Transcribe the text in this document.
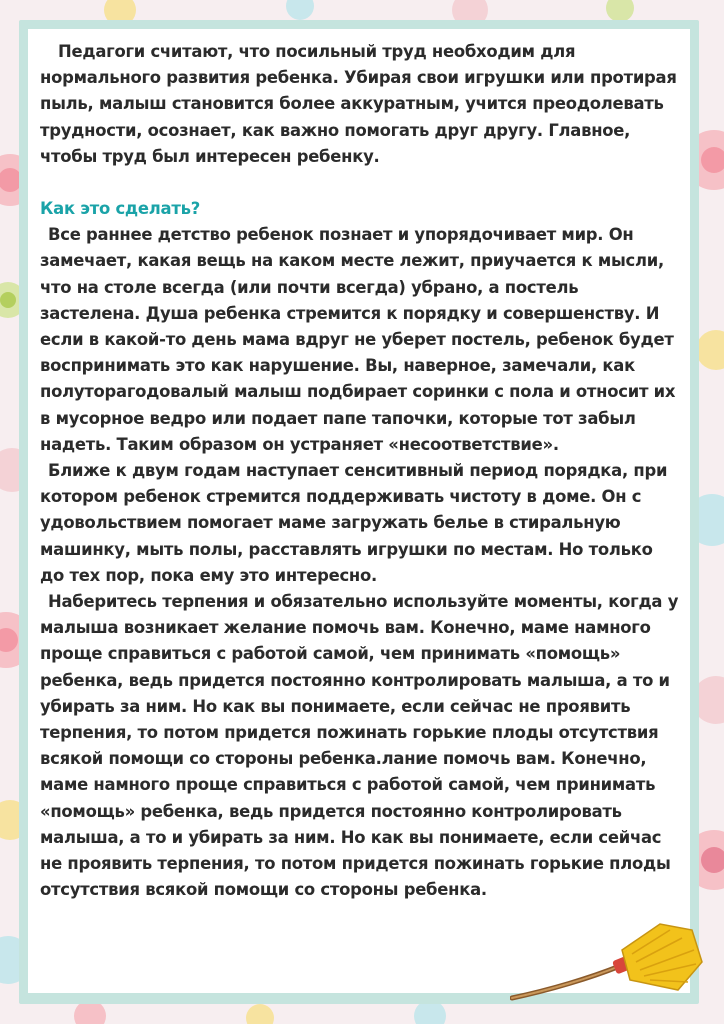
Педагоги считают, что посильный труд необходим для нормального развития ребенка. Убирая свои игрушки или протирая пыль, малыш становится более аккуратным, учится преодолевать трудности, осознает, как важно помогать друг другу. Главное, чтобы труд был интересен ребенку.

Как это сделать?

Все раннее детство ребенок познает и упорядочивает мир. Он замечает, какая вещь на каком месте лежит, приучается к мысли, что на столе всегда (или почти всегда) убрано, а постель застелена. Душа ребенка стремится к порядку и совершенству. И если в какой-то день мама вдруг не уберет постель, ребенок будет воспринимать это как нарушение. Вы, наверное, замечали, как полуторагодовалый малыш подбирает соринки с пола и относит их в мусорное ведро или подает папе тапочки, которые тот забыл надеть. Таким образом он устраняет «несоответствие».

Ближе к двум годам наступает сенситивный период порядка, при котором ребенок стремится поддерживать чистоту в доме. Он с удовольствием помогает маме загружать белье в стиральную машинку, мыть полы, расставлять игрушки по местам. Но только до тех пор, пока ему это интересно.

Наберитесь терпения и обязательно используйте моменты, когда у малыша возникает желание помочь вам. Конечно, маме намного проще справиться с работой самой, чем принимать «помощь» ребенка, ведь придется постоянно контролировать малыша, а то и убирать за ним. Но как вы понимаете, если сейчас не проявить терпения, то потом придется пожинать горькие плоды отсутствия всякой помощи со стороны ребенка.лание помочь вам. Конечно, маме намного проще справиться с работой самой, чем принимать «помощь» ребенка, ведь придется постоянно контролировать малыша, а то и убирать за ним. Но как вы понимаете, если сейчас не проявить терпения, то потом придется пожинать горькие плоды отсутствия всякой помощи со стороны ребенка.
